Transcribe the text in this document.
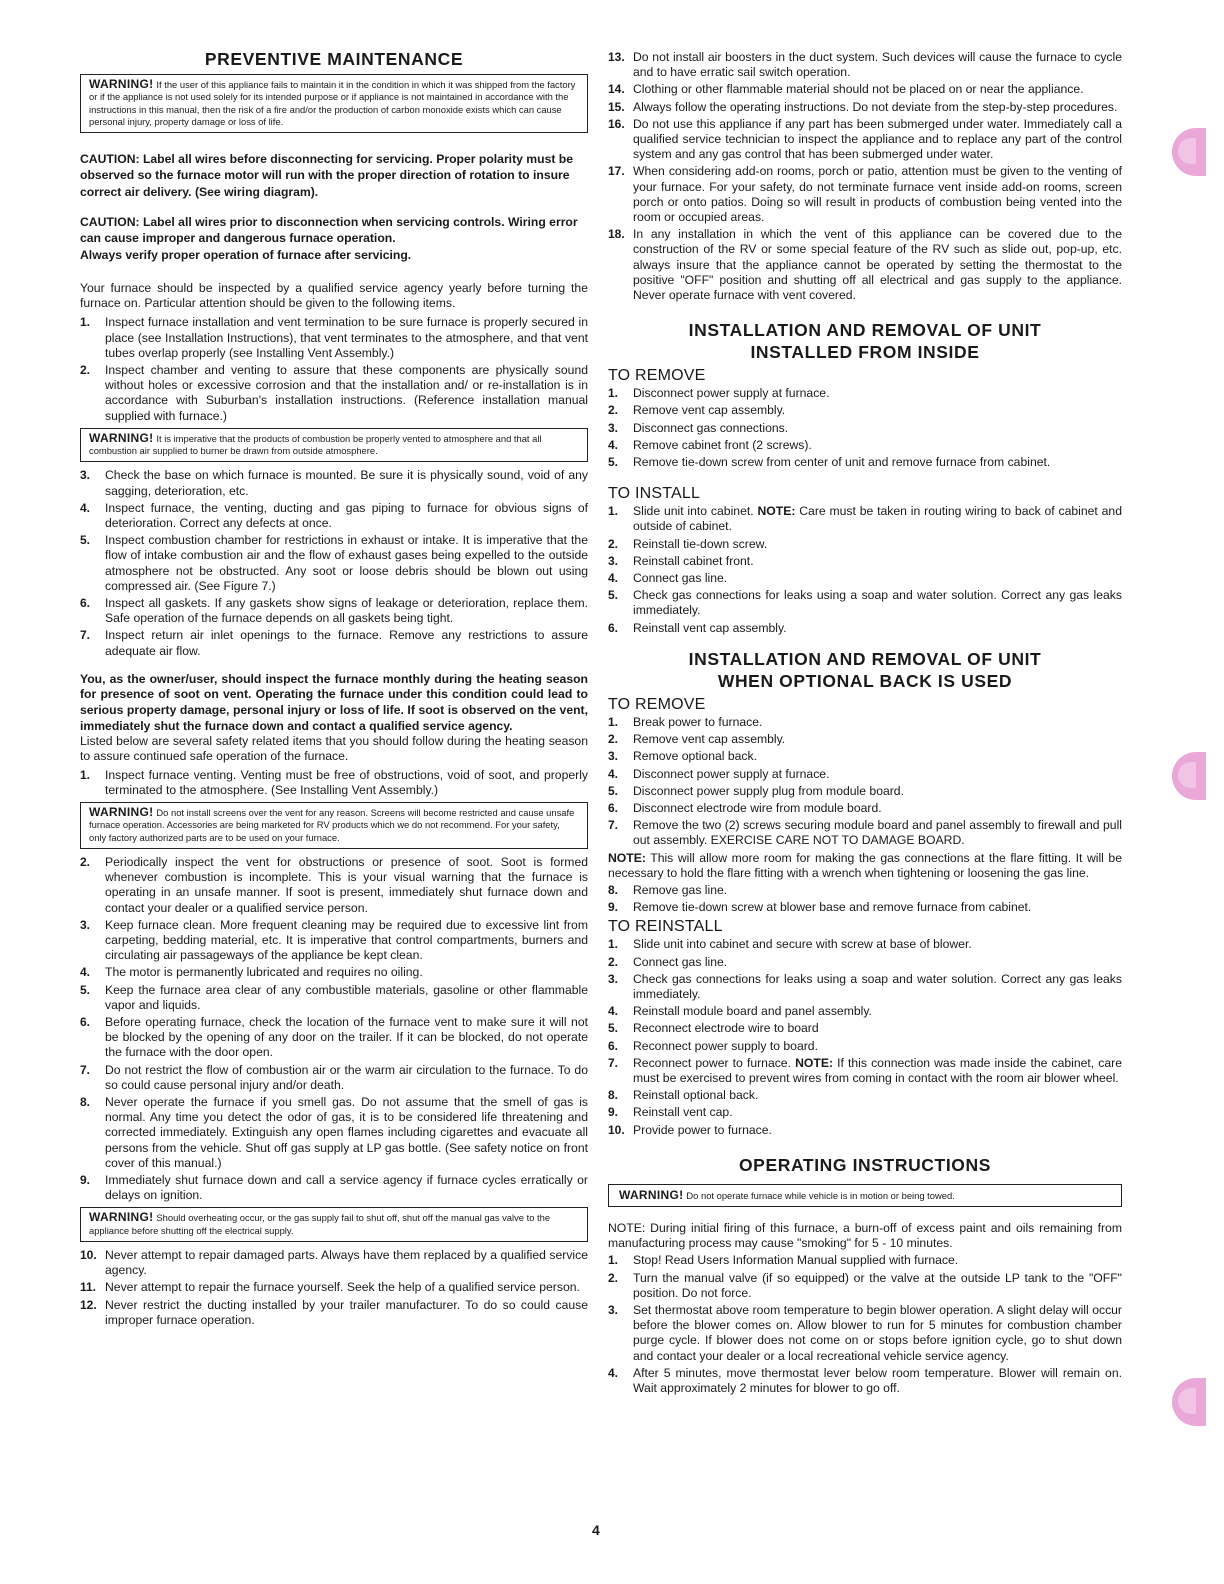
PREVENTIVE MAINTENANCE
WARNING! If the user of this appliance fails to maintain it in the condition in which it was shipped from the factory or if the appliance is not used solely for its intended purpose or if appliance is not maintained in accordance with the instructions in this manual, then the risk of a fire and/or the production of carbon monoxide exists which can cause personal injury, property damage or loss of life.

CAUTION: Label all wires before disconnecting for servicing. Proper polarity must be observed so the furnace motor will run with the proper direction of rotation to insure correct air delivery. (See wiring diagram).

CAUTION: Label all wires prior to disconnection when servicing controls. Wiring error can cause improper and dangerous furnace operation.
Always verify proper operation of furnace after servicing.

Your furnace should be inspected by a qualified service agency yearly before turning the furnace on. Particular attention should be given to the following items.

1. Inspect furnace installation and vent termination to be sure furnace is properly secured in place (see Installation Instructions), that vent terminates to the atmosphere, and that vent tubes overlap properly (see Installing Vent Assembly.)
2. Inspect chamber and venting to assure that these components are physically sound without holes or excessive corrosion and that the installation and/ or re-installation is in accordance with Suburban's installation instructions. (Reference installation manual supplied with furnace.)
WARNING! It is imperative that the products of combustion be properly vented to atmosphere and that all combustion air supplied to burner be drawn from outside atmosphere.
3. Check the base on which furnace is mounted. Be sure it is physically sound, void of any sagging, deterioration, etc.
4. Inspect furnace, the venting, ducting and gas piping to furnace for obvious signs of deterioration. Correct any defects at once.
5. Inspect combustion chamber for restrictions in exhaust or intake. It is imperative that the flow of intake combustion air and the flow of exhaust gases being expelled to the outside atmosphere not be obstructed. Any soot or loose debris should be blown out using compressed air. (See Figure 7.)
6. Inspect all gaskets. If any gaskets show signs of leakage or deterioration, replace them. Safe operation of the furnace depends on all gaskets being tight.
7. Inspect return air inlet openings to the furnace. Remove any restrictions to assure adequate air flow.

You, as the owner/user, should inspect the furnace monthly during the heating season for presence of soot on vent. Operating the furnace under this condition could lead to serious property damage, personal injury or loss of life. If soot is observed on the vent, immediately shut the furnace down and contact a qualified service agency.

Listed below are several safety related items that you should follow during the heating season to assure continued safe operation of the furnace.

1. Inspect furnace venting. Venting must be free of obstructions, void of soot, and properly terminated to the atmosphere. (See Installing Vent Assembly.)
WARNING! Do not install screens over the vent for any reason. Screens will become restricted and cause unsafe furnace operation. Accessories are being marketed for RV products which we do not recommend. For your safety, only factory authorized parts are to be used on your furnace.
2. Periodically inspect the vent for obstructions or presence of soot. Soot is formed whenever combustion is incomplete. This is your visual warning that the furnace is operating in an unsafe manner. If soot is present, immediately shut furnace down and contact your dealer or a qualified service person.
3. Keep furnace clean. More frequent cleaning may be required due to excessive lint from carpeting, bedding material, etc. It is imperative that control compartments, burners and circulating air passageways of the appliance be kept clean.
4. The motor is permanently lubricated and requires no oiling.
5. Keep the furnace area clear of any combustible materials, gasoline or other flammable vapor and liquids.
6. Before operating furnace, check the location of the furnace vent to make sure it will not be blocked by the opening of any door on the trailer. If it can be blocked, do not operate the furnace with the door open.
7. Do not restrict the flow of combustion air or the warm air circulation to the furnace. To do so could cause personal injury and/or death.
8. Never operate the furnace if you smell gas. Do not assume that the smell of gas is normal. Any time you detect the odor of gas, it is to be considered life threatening and corrected immediately. Extinguish any open flames including cigarettes and evacuate all persons from the vehicle. Shut off gas supply at LP gas bottle. (See safety notice on front cover of this manual.)
9. Immediately shut furnace down and call a service agency if furnace cycles erratically or delays on ignition.
WARNING! Should overheating occur, or the gas supply fail to shut off, shut off the manual gas valve to the appliance before shutting off the electrical supply.
10. Never attempt to repair damaged parts. Always have them replaced by a qualified service agency.
11. Never attempt to repair the furnace yourself. Seek the help of a qualified service person.
12. Never restrict the ducting installed by your trailer manufacturer. To do so could cause improper furnace operation.
13. Do not install air boosters in the duct system. Such devices will cause the furnace to cycle and to have erratic sail switch operation.
14. Clothing or other flammable material should not be placed on or near the appliance.
15. Always follow the operating instructions. Do not deviate from the step-by-step procedures.
16. Do not use this appliance if any part has been submerged under water. Immediately call a qualified service technician to inspect the appliance and to replace any part of the control system and any gas control that has been submerged under water.
17. When considering add-on rooms, porch or patio, attention must be given to the venting of your furnace. For your safety, do not terminate furnace vent inside add-on rooms, screen porch or onto patios. Doing so will result in products of combustion being vented into the room or occupied areas.
18. In any installation in which the vent of this appliance can be covered due to the construction of the RV or some special feature of the RV such as slide out, pop-up, etc. always insure that the appliance cannot be operated by setting the thermostat to the positive "OFF" position and shutting off all electrical and gas supply to the appliance. Never operate furnace with vent covered.
INSTALLATION AND REMOVAL OF UNIT
INSTALLED FROM INSIDE
TO REMOVE
1. Disconnect power supply at furnace.
2. Remove vent cap assembly.
3. Disconnect gas connections.
4. Remove cabinet front (2 screws).
5. Remove tie-down screw from center of unit and remove furnace from cabinet.
TO INSTALL
1. Slide unit into cabinet. NOTE: Care must be taken in routing wiring to back of cabinet and outside of cabinet.
2. Reinstall tie-down screw.
3. Reinstall cabinet front.
4. Connect gas line.
5. Check gas connections for leaks using a soap and water solution. Correct any gas leaks immediately.
6. Reinstall vent cap assembly.
INSTALLATION AND REMOVAL OF UNIT
WHEN OPTIONAL BACK IS USED
TO REMOVE
1. Break power to furnace.
2. Remove vent cap assembly.
3. Remove optional back.
4. Disconnect power supply at furnace.
5. Disconnect power supply plug from module board.
6. Disconnect electrode wire from module board.
7. Remove the two (2) screws securing module board and panel assembly to firewall and pull out assembly. EXERCISE CARE NOT TO DAMAGE BOARD.

NOTE: This will allow more room for making the gas connections at the flare fitting. It will be necessary to hold the flare fitting with a wrench when tightening or loosening the gas line.

8. Remove gas line.
9. Remove tie-down screw at blower base and remove furnace from cabinet.
TO REINSTALL
1. Slide unit into cabinet and secure with screw at base of blower.
2. Connect gas line.
3. Check gas connections for leaks using a soap and water solution. Correct any gas leaks immediately.
4. Reinstall module board and panel assembly.
5. Reconnect electrode wire to board
6. Reconnect power supply to board.
7. Reconnect power to furnace. NOTE: If this connection was made inside the cabinet, care must be exercised to prevent wires from coming in contact with the room air blower wheel.
8. Reinstall optional back.
9. Reinstall vent cap.
10. Provide power to furnace.
OPERATING INSTRUCTIONS
WARNING! Do not operate furnace while vehicle is in motion or being towed.

NOTE: During initial firing of this furnace, a burn-off of excess paint and oils remaining from manufacturing process may cause "smoking" for 5 - 10 minutes.

1. Stop! Read Users Information Manual supplied with furnace.
2. Turn the manual valve (if so equipped) or the valve at the outside LP tank to the "OFF" position. Do not force.
3. Set thermostat above room temperature to begin blower operation. A slight delay will occur before the blower comes on. Allow blower to run for 5 minutes for combustion chamber purge cycle. If blower does not come on or stops before ignition cycle, go to shut down and contact your dealer or a local recreational vehicle service agency.
4. After 5 minutes, move thermostat lever below room temperature. Blower will remain on. Wait approximately 2 minutes for blower to go off.
4
